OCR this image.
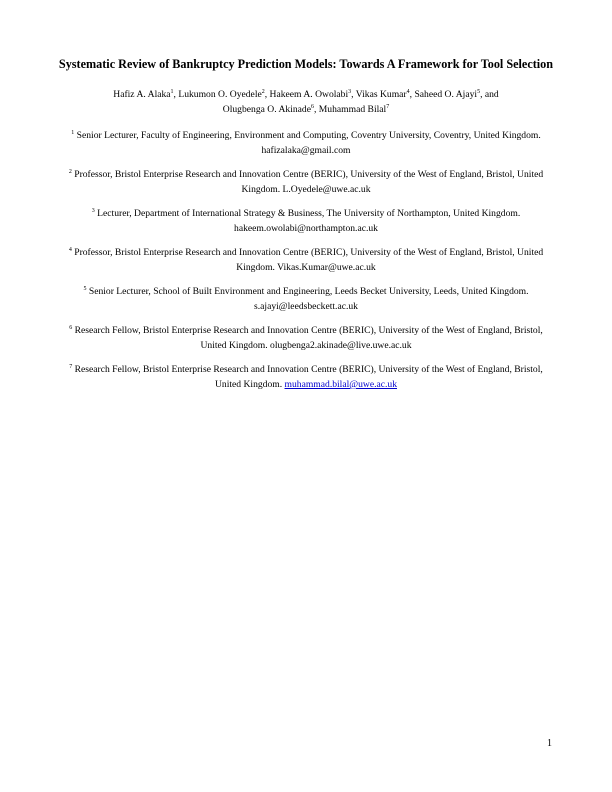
Systematic Review of Bankruptcy Prediction Models: Towards A Framework for Tool Selection
Hafiz A. Alaka$^1$, Lukumon O. Oyedele$^2$, Hakeem A. Owolabi$^3$, Vikas Kumar$^4$, Saheed O. Ajayi$^5$, and
Olugbenga O. Akinade$^6$, Muhammad Bilal$^7$
$^1$ Senior Lecturer, Faculty of Engineering, Environment and Computing, Coventry University, Coventry, United Kingdom. hafizalaka@gmail.com
$^2$ Professor, Bristol Enterprise Research and Innovation Centre (BERIC), University of the West of England, Bristol, United Kingdom. L.Oyedele@uwe.ac.uk
$^3$ Lecturer, Department of International Strategy & Business, The University of Northampton, United Kingdom. hakeem.owolabi@northampton.ac.uk
$^4$ Professor, Bristol Enterprise Research and Innovation Centre (BERIC), University of the West of England, Bristol, United Kingdom. Vikas.Kumar@uwe.ac.uk
$^5$ Senior Lecturer, School of Built Environment and Engineering, Leeds Becket University, Leeds, United Kingdom. s.ajayi@leedsbeckett.ac.uk
$^6$ Research Fellow, Bristol Enterprise Research and Innovation Centre (BERIC), University of the West of England, Bristol, United Kingdom. olugbenga2.akinade@live.uwe.ac.uk
$^7$ Research Fellow, Bristol Enterprise Research and Innovation Centre (BERIC), University of the West of England, Bristol, United Kingdom. muhammad.bilal@uwe.ac.uk
1
